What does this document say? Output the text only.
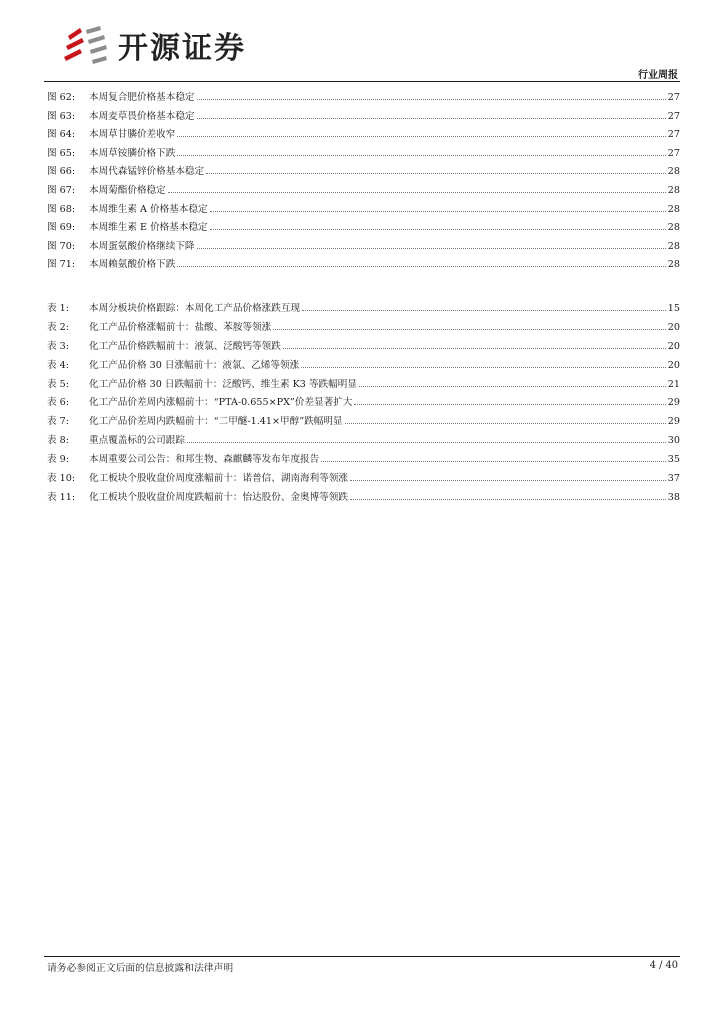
开源证券
行业周报
图 62:	本周复合肥价格基本稳定	27
图 63:	本周麦草畏价格基本稳定	27
图 64:	本周草甘膦价差收窄	27
图 65:	本周草铵膦价格下跌	27
图 66:	本周代森锰锌价格基本稳定	28
图 67:	本周菊酯价格稳定	28
图 68:	本周维生素 A 价格基本稳定	28
图 69:	本周维生素 E 价格基本稳定	28
图 70:	本周蛋氨酸价格继续下降	28
图 71:	本周赖氨酸价格下跌	28
表 1:	本周分板块价格跟踪：本周化工产品价格涨跌互现	15
表 2:	化工产品价格涨幅前十：盐酸、苯胺等领涨	20
表 3:	化工产品价格跌幅前十：液氯、泛酸钙等领跌	20
表 4:	化工产品价格 30 日涨幅前十：液氯、乙烯等领涨	20
表 5:	化工产品价格 30 日跌幅前十：泛酸钙、维生素 K3 等跌幅明显	21
表 6:	化工产品价差周内涨幅前十：“PTA-0.655×PX”价差显著扩大	29
表 7:	化工产品价差周内跌幅前十：“二甲醚-1.41×甲醇”跌幅明显	29
表 8:	重点覆盖标的公司跟踪	30
表 9:	本周重要公司公告：和邦生物、森麒麟等发布年度报告	35
表 10:	化工板块个股收盘价周度涨幅前十：诺普信、湖南海利等领涨	37
表 11:	化工板块个股收盘价周度跌幅前十：怡达股份、金奥博等领跌	38
请务必参阅正文后面的信息披露和法律声明	4 / 40
